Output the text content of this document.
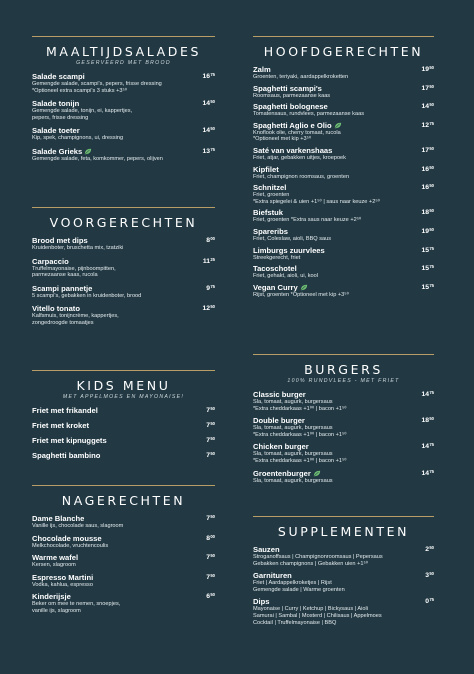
MAALTIJDSALADES
GESERVEERD MET BROOD
Salade scampi
Gemengde salade, scampi's, pepers, frisse dressing
*Optioneel extra scampi's 3 stuks +3⁵⁰
$16^{75}$
Salade tonijn
Gemengde salade, tonijn, ei, kappertjes,
pepers, frisse dressing
$14^{50}$
Salade toeter
Kip, spek, champignons, ui, dressing
$14^{50}$
Salade Grieks
Gemengde salade, feta, komkommer, pepers, olijven
$13^{75}$
VOORGERECHTEN
Brood met dips
Kruidenboter, bruschetta mix, tzatziki
$8^{00}$
Carpaccio
Truffelmayonaise, pijnboompitten,
parmezaanse kaas, rucola
$11^{25}$
Scampi pannetje
5 scampi's, gebakken in kruidenboter, brood
$9^{75}$
Vitello tonato
Kalfsmuis, tonijncrème, kappertjes,
zongedroogde tomaatjes
$12^{50}$
KIDS MENU
MET APPELMOES EN MAYONAISE!
Friet met frikandel	$7^{50}$
Friet met kroket	$7^{50}$
Friet met kipnuggets	$7^{50}$
Spaghetti bambino	$7^{50}$
NAGERECHTEN
Dame Blanche
Vanille ijs, chocolade saus, slagroom
$7^{50}$
Chocolade mousse
Melkchocolade, vruchtencoulis
$8^{00}$
Warme wafel
Kersen, slagroom
$7^{50}$
Espresso Martini
Vodka, kahlua, espresso
$7^{50}$
Kinderijsje
Beker om mee te nemen, snoepjes,
vanille ijs, slagroom
$6^{50}$
HOOFDGERECHTEN
Zalm
Groenten, teriyaki, aardappelkroketten
$19^{50}$
Spaghetti scampi's
Roomsaus, parmezaanse kaas
$17^{50}$
Spaghetti bolognese
Tomatensaus, rundvlees, parmezaanse kaas
$14^{50}$
Spaghetti Aglio e Olio
Knoflook olie, cherry tomaat, rucola
*Optioneel met kip +3⁵⁰
$12^{75}$
Saté van varkenshaas
Friet, atjar, gebakken uitjes, kroepoek
$17^{50}$
Kipfilet
Friet, champignon roomsaus, groenten
$16^{50}$
Schnitzel
Friet, groenten
*Extra spiegelei & uien +1⁵⁰ | saus naar keuze +2⁵⁰
$16^{50}$
Biefstuk
Friet, groenten *Extra saus naar keuze +2⁵⁰
$18^{50}$
Spareribs
Friet, Coleslaw, aioli, BBQ saus
$19^{50}$
Limburgs zuurvlees
Streekgerecht, friet
$15^{75}$
Tacoschotel
Friet, gehakt, aioli, ui, kool
$15^{75}$
Vegan Curry
Rijst, groenten *Optioneel met kip +3⁵⁰
$15^{75}$
BURGERS
100% RUNDVLEES - MET FRIET
Classic burger
Sla, tomaat, augurk, burgersaus
*Extra cheddarkaas +1⁰⁰ | bacon +1⁵⁰
$14^{75}$
Double burger
Sla, tomaat, augurk, burgersaus
*Extra cheddarkaas +1⁰⁰ | bacon +1⁵⁰
$18^{50}$
Chicken burger
Sla, tomaat, augurk, burgersaus
*Extra cheddarkaas +1⁰⁰ | bacon +1⁵⁰
$14^{75}$
Groentenburger
Sla, tomaat, augurk, burgersaus
$14^{75}$
SUPPLEMENTEN
Sauzen
Stroganoffsaus | Champignonroomsaus | Pepersaus
Gebakken champignons | Gebakken uien +1⁵⁰
$2^{50}$
Garnituren
Friet | Aardappelkroketjes | Rijst
Gemengde salade | Warme groenten
$3^{50}$
Dips
Mayonaise | Curry | Ketchup | Bickysaus | Aioli
Samurai | Sambal | Mosterd | Chilisaus | Appelmoes
Cocktail | Truffelmayonaise | BBQ
$0^{75}$
